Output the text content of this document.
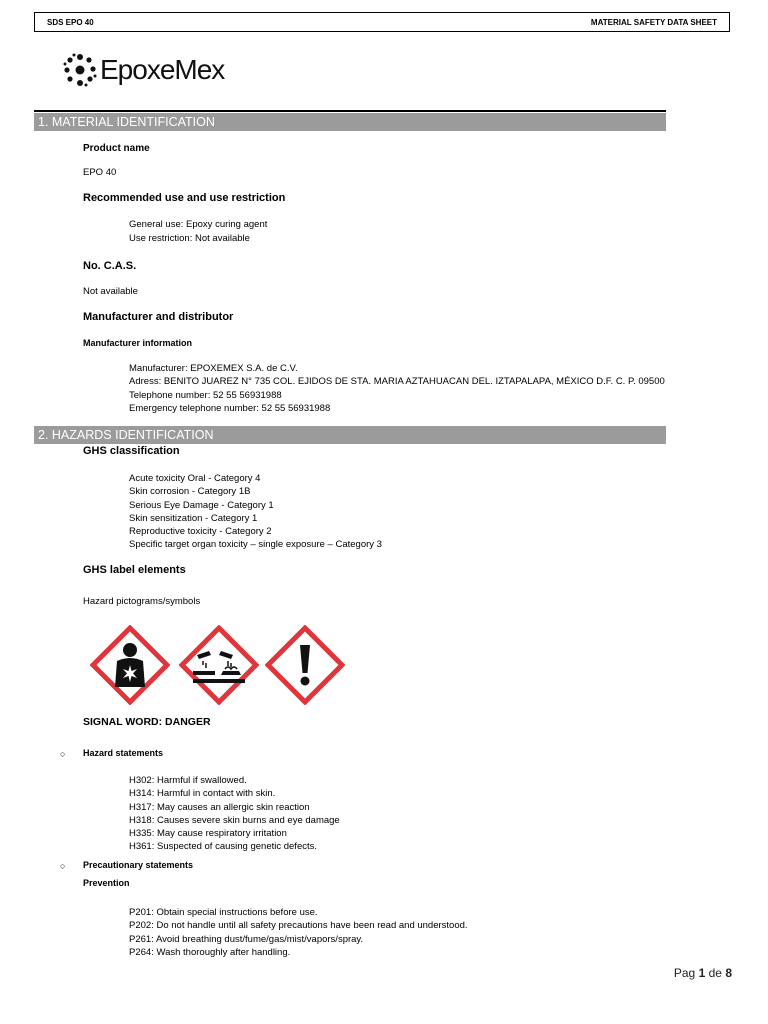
SDS EPO 40	MATERIAL SAFETY DATA SHEET
EpoxeMex
1. MATERIAL IDENTIFICATION
Product name
EPO 40
Recommended use and use restriction
General use: Epoxy curing agent
Use restriction: Not available
No. C.A.S.
Not available
Manufacturer and distributor
Manufacturer information
Manufacturer: EPOXEMEX S.A. de C.V.
Adress: BENITO JUAREZ N° 735 COL. EJIDOS DE STA. MARIA AZTAHUACAN DEL. IZTAPALAPA, MÉXICO D.F. C. P. 09500
Telephone number: 52 55 56931988
Emergency telephone number: 52 55 56931988
2. HAZARDS IDENTIFICATION
GHS classification
Acute toxicity Oral - Category 4
Skin corrosion - Category 1B
Serious Eye Damage - Category 1
Skin sensitization - Category 1
Reproductive toxicity - Category 2
Specific target organ toxicity – single exposure – Category 3
GHS label elements
Hazard pictograms/symbols
SIGNAL WORD: DANGER
○ Hazard statements
H302: Harmful if swallowed.
H314: Harmful in contact with skin.
H317: May causes an allergic skin reaction
H318: Causes severe skin burns and eye damage
H335: May cause respiratory irritation
H361: Suspected of causing genetic defects.
○ Precautionary statements
Prevention
P201: Obtain special instructions before use.
P202: Do not handle until all safety precautions have been read and understood.
P261: Avoid breathing dust/fume/gas/mist/vapors/spray.
P264: Wash thoroughly after handling.
Pag 1 de 8
